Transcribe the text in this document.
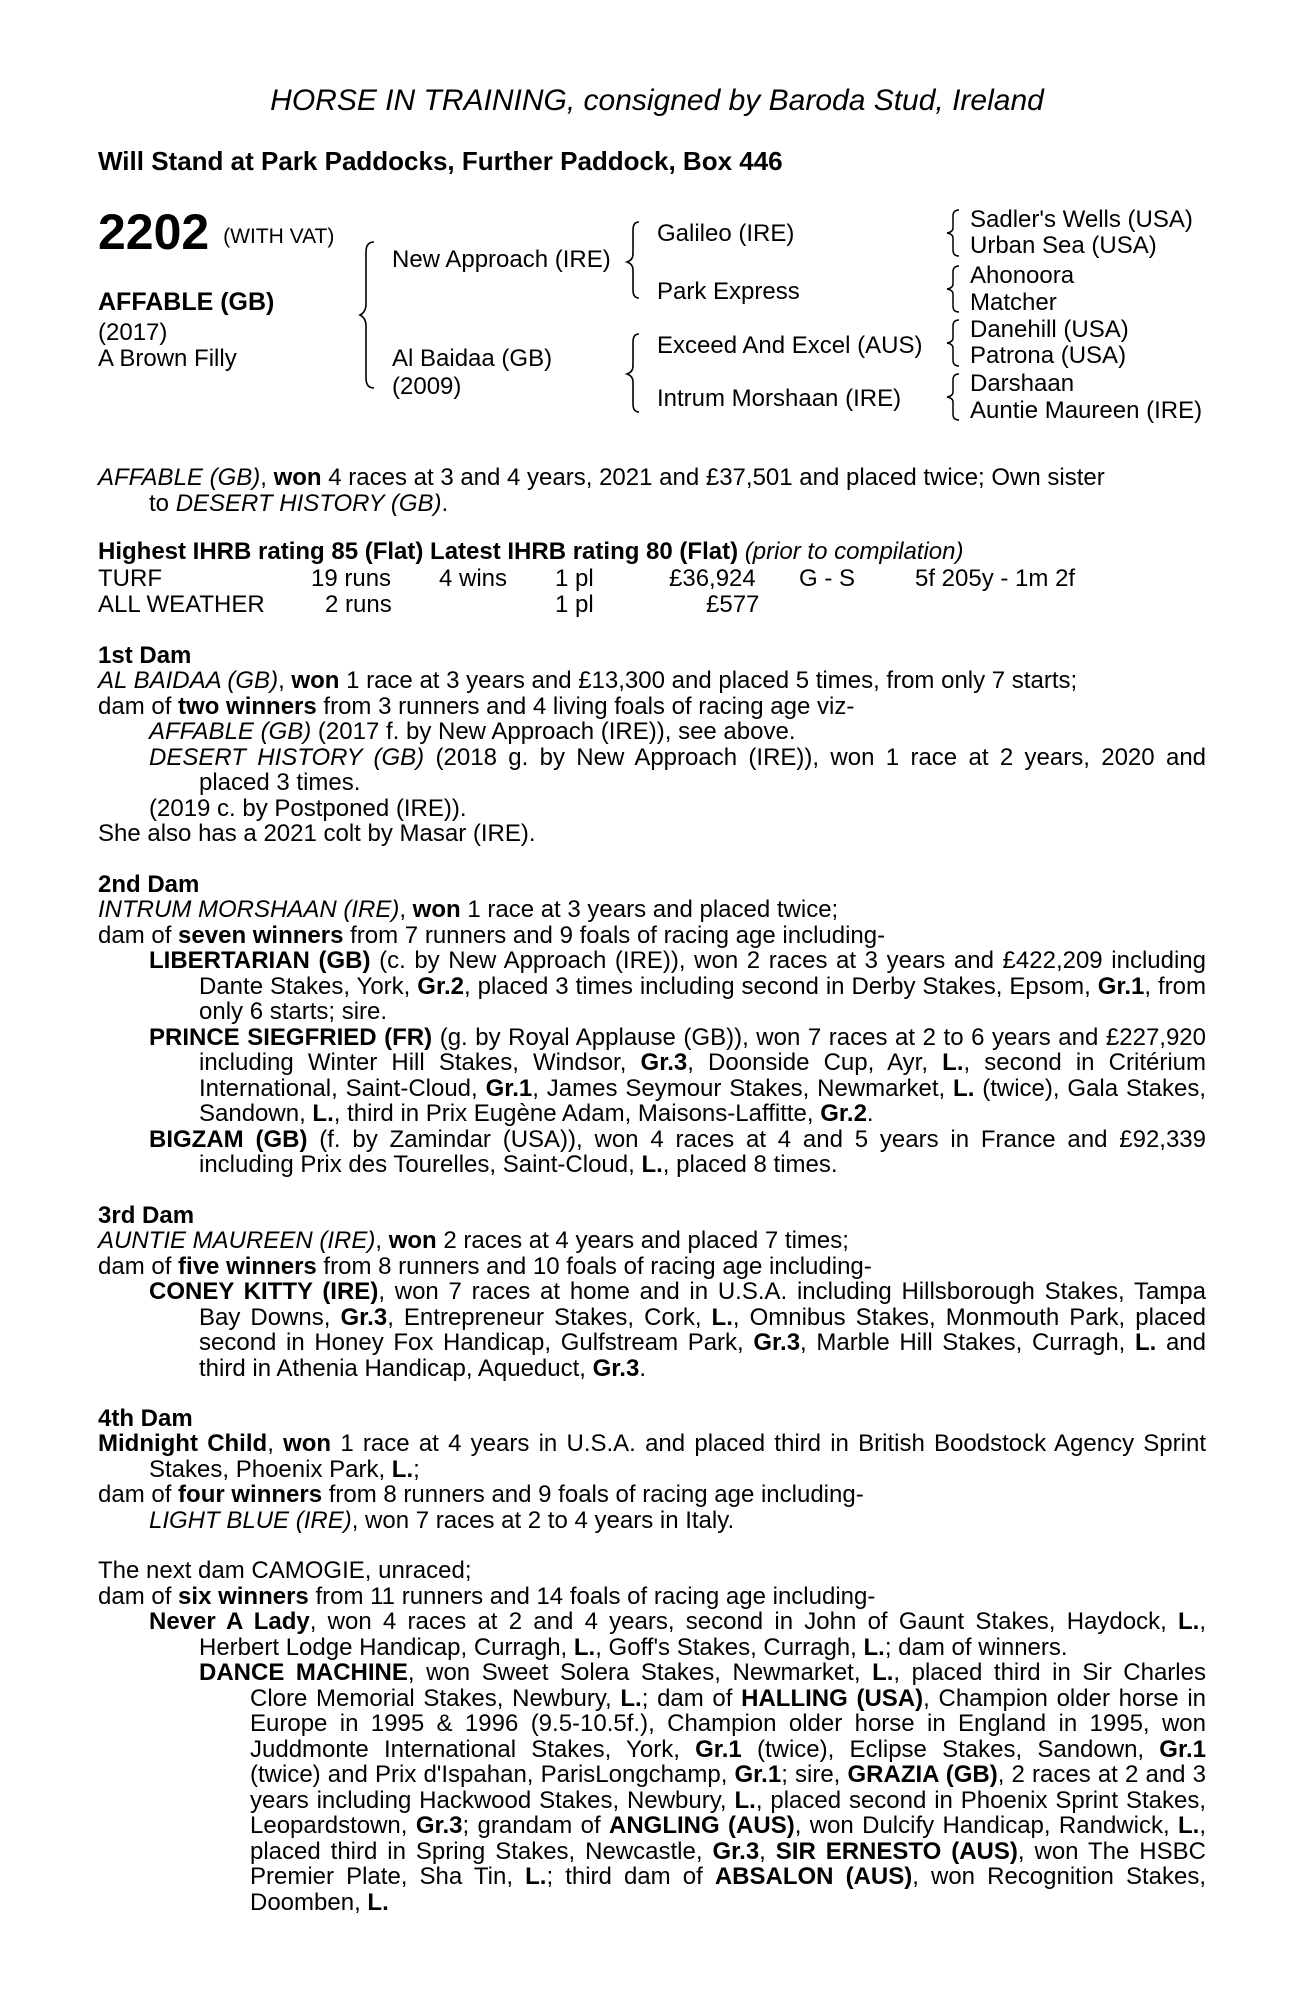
HORSE IN TRAINING, consigned by Baroda Stud, Ireland
Will Stand at Park Paddocks, Further Paddock, Box 446
2202 (WITH VAT)
AFFABLE (GB)
(2017)
A Brown Filly
New Approach (IRE)
Al Baidaa (GB)
(2009)
Galileo (IRE)
Park Express
Exceed And Excel (AUS)
Intrum Morshaan (IRE)
Sadler's Wells (USA)
Urban Sea (USA)
Ahonoora
Matcher
Danehill (USA)
Patrona (USA)
Darshaan
Auntie Maureen (IRE)
AFFABLE (GB), won 4 races at 3 and 4 years, 2021 and £37,501 and placed twice; Own sister
to DESERT HISTORY (GB).
Highest IHRB rating 85 (Flat) Latest IHRB rating 80 (Flat) (prior to compilation)
TURF	19 runs 4 wins 1 pl	£36,924 G - S 5f 205y - 1m 2f
ALL WEATHER	2 runs	1 pl	£577
1st Dam
AL BAIDAA (GB), won 1 race at 3 years and £13,300 and placed 5 times, from only 7 starts;
dam of two winners from 3 runners and 4 living foals of racing age viz-
AFFABLE (GB) (2017 f. by New Approach (IRE)), see above.
DESERT HISTORY (GB) (2018 g. by New Approach (IRE)), won 1 race at 2 years, 2020 and placed 3 times.
(2019 c. by Postponed (IRE)).
She also has a 2021 colt by Masar (IRE).
2nd Dam
INTRUM MORSHAAN (IRE), won 1 race at 3 years and placed twice;
dam of seven winners from 7 runners and 9 foals of racing age including-
LIBERTARIAN (GB) (c. by New Approach (IRE)), won 2 races at 3 years and £422,209 including Dante Stakes, York, Gr.2, placed 3 times including second in Derby Stakes, Epsom, Gr.1, from only 6 starts; sire.
PRINCE SIEGFRIED (FR) (g. by Royal Applause (GB)), won 7 races at 2 to 6 years and £227,920 including Winter Hill Stakes, Windsor, Gr.3, Doonside Cup, Ayr, L., second in Critérium International, Saint-Cloud, Gr.1, James Seymour Stakes, Newmarket, L. (twice), Gala Stakes, Sandown, L., third in Prix Eugène Adam, Maisons-Laffitte, Gr.2.
BIGZAM (GB) (f. by Zamindar (USA)), won 4 races at 4 and 5 years in France and £92,339 including Prix des Tourelles, Saint-Cloud, L., placed 8 times.
3rd Dam
AUNTIE MAUREEN (IRE), won 2 races at 4 years and placed 7 times;
dam of five winners from 8 runners and 10 foals of racing age including-
CONEY KITTY (IRE), won 7 races at home and in U.S.A. including Hillsborough Stakes, Tampa Bay Downs, Gr.3, Entrepreneur Stakes, Cork, L., Omnibus Stakes, Monmouth Park, placed second in Honey Fox Handicap, Gulfstream Park, Gr.3, Marble Hill Stakes, Curragh, L. and third in Athenia Handicap, Aqueduct, Gr.3.
4th Dam
Midnight Child, won 1 race at 4 years in U.S.A. and placed third in British Boodstock Agency Sprint Stakes, Phoenix Park, L.;
dam of four winners from 8 runners and 9 foals of racing age including-
LIGHT BLUE (IRE), won 7 races at 2 to 4 years in Italy.
The next dam CAMOGIE, unraced;
dam of six winners from 11 runners and 14 foals of racing age including-
Never A Lady, won 4 races at 2 and 4 years, second in John of Gaunt Stakes, Haydock, L., Herbert Lodge Handicap, Curragh, L., Goff's Stakes, Curragh, L.; dam of winners.
DANCE MACHINE, won Sweet Solera Stakes, Newmarket, L., placed third in Sir Charles Clore Memorial Stakes, Newbury, L.; dam of HALLING (USA), Champion older horse in Europe in 1995 & 1996 (9.5-10.5f.), Champion older horse in England in 1995, won Juddmonte International Stakes, York, Gr.1 (twice), Eclipse Stakes, Sandown, Gr.1 (twice) and Prix d'Ispahan, ParisLongchamp, Gr.1; sire, GRAZIA (GB), 2 races at 2 and 3 years including Hackwood Stakes, Newbury, L., placed second in Phoenix Sprint Stakes, Leopardstown, Gr.3; grandam of ANGLING (AUS), won Dulcify Handicap, Randwick, L., placed third in Spring Stakes, Newcastle, Gr.3, SIR ERNESTO (AUS), won The HSBC Premier Plate, Sha Tin, L.; third dam of ABSALON (AUS), won Recognition Stakes, Doomben, L.
